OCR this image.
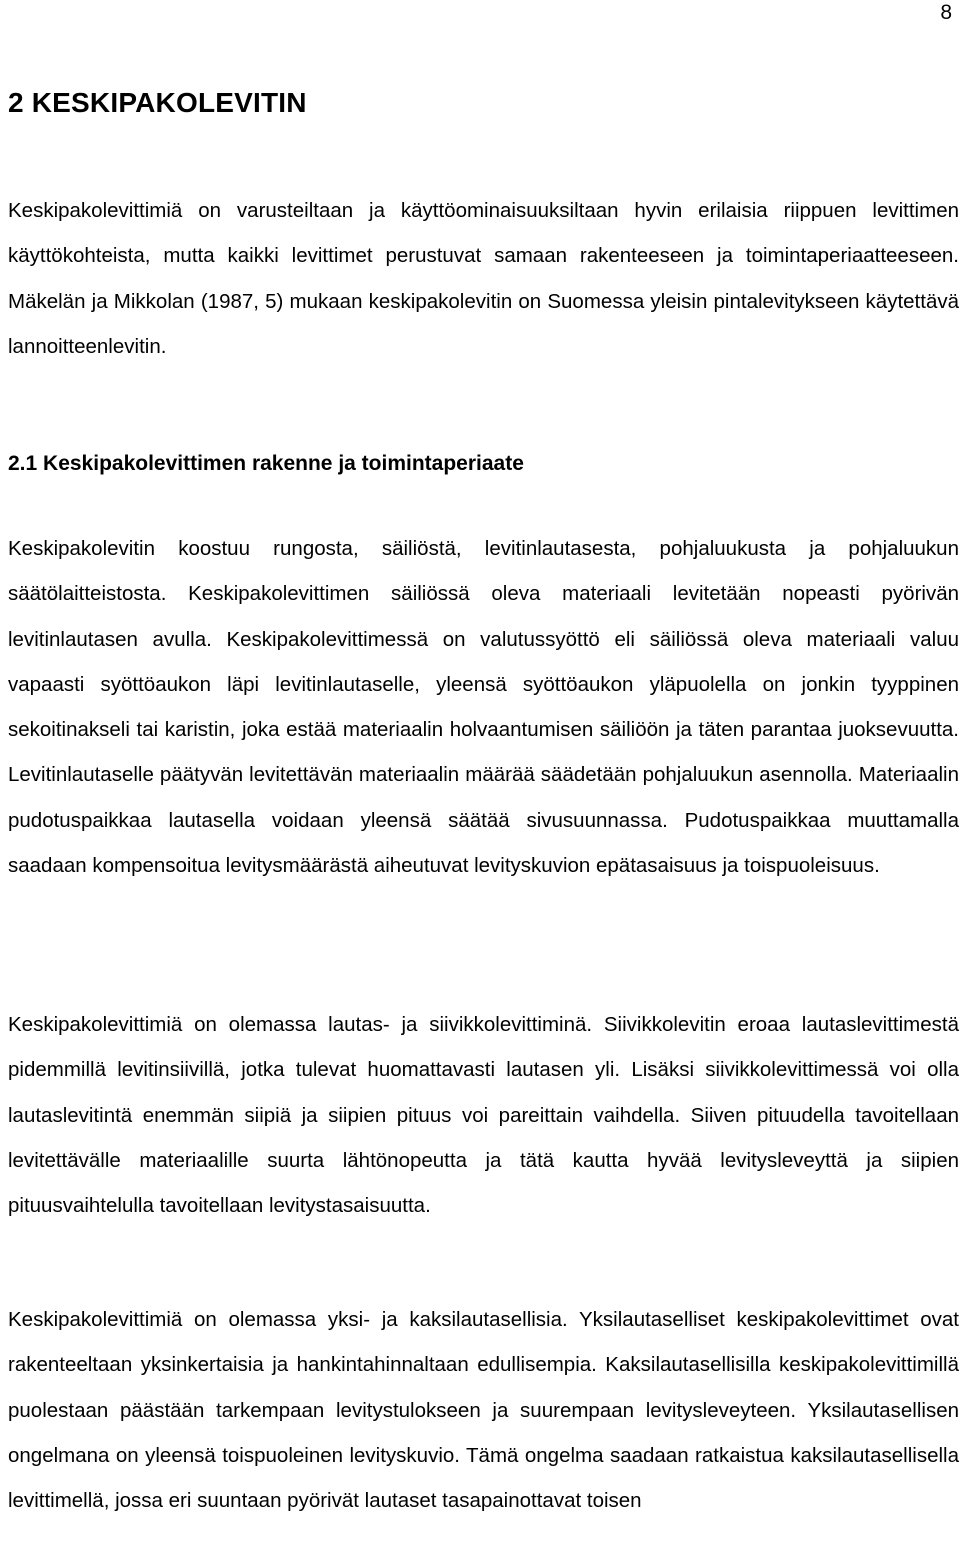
8
2 KESKIPAKOLEVITIN

Keskipakolevittimiä on varusteiltaan ja käyttöominaisuuksiltaan hyvin erilaisia riippuen levittimen käyttökohteista, mutta kaikki levittimet perustuvat samaan rakenteeseen ja toimintaperiaatteeseen. Mäkelän ja Mikkolan (1987, 5) mukaan keskipakolevitin on Suomessa yleisin pintalevitykseen käytettävä lannoitteenlevitin.

2.1 Keskipakolevittimen rakenne ja toimintaperiaate

Keskipakolevitin koostuu rungosta, säiliöstä, levitinlautasesta, pohjaluukusta ja pohjaluukun säätölaitteistosta. Keskipakolevittimen säiliössä oleva materiaali levitetään nopeasti pyörivän levitinlautasen avulla. Keskipakolevittimessä on valutussyöttö eli säiliössä oleva materiaali valuu vapaasti syöttöaukon läpi levitinlautaselle, yleensä syöttöaukon yläpuolella on jonkin tyyppinen sekoitinakseli tai karistin, joka estää materiaalin holvaantumisen säiliöön ja täten parantaa juoksevuutta. Levitinlautaselle päätyvän levitettävän materiaalin määrää säädetään pohjaluukun asennolla. Materiaalin pudotuspaikkaa lautasella voidaan yleensä säätää sivusuunnassa. Pudotuspaikkaa muuttamalla saadaan kompensoitua levitysmäärästä aiheutuvat levityskuvion epätasaisuus ja toispuoleisuus.

Keskipakolevittimiä on olemassa lautas- ja siivikkolevittiminä. Siivikkolevitin eroaa lautaslevittimestä pidemmillä levitinsiivillä, jotka tulevat huomattavasti lautasen yli. Lisäksi siivikkolevittimessä voi olla lautaslevitintä enemmän siipiä ja siipien pituus voi pareittain vaihdella. Siiven pituudella tavoitellaan levitettävälle materiaalille suurta lähtönopeutta ja tätä kautta hyvää levitysleveyttä ja siipien pituusvaihtelulla tavoitellaan levitystasaisuutta.

Keskipakolevittimiä on olemassa yksi- ja kaksilautasellisia. Yksilautaselliset keskipakolevittimet ovat rakenteeltaan yksinkertaisia ja hankintahinnaltaan edullisempia. Kaksilautasellisilla keskipakolevittimillä puolestaan päästään tarkempaan levitystulokseen ja suurempaan levitysleveyteen. Yksilautasellisen ongelmana on yleensä toispuoleinen levityskuvio. Tämä ongelma saadaan ratkaistua kaksilautasellisella levittimellä, jossa eri suuntaan pyörivät lautaset tasapainottavat toisen
